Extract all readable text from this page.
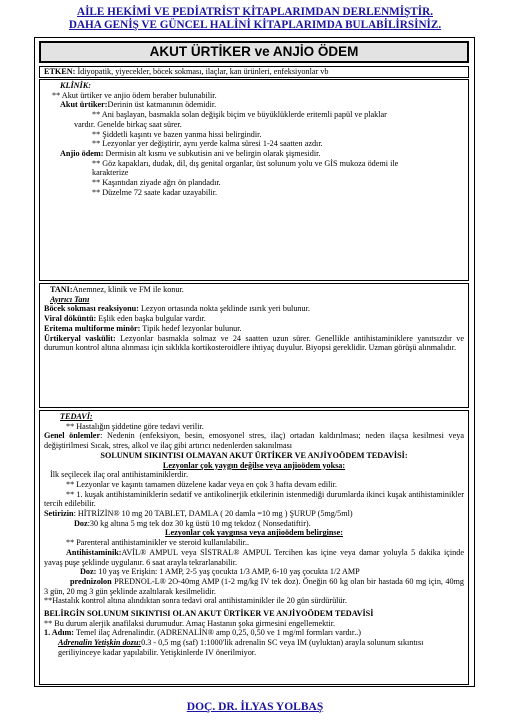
AİLE HEKİMİ VE PEDİATRİST KİTAPLARIMDAN DERLENMİŞTİR.
DAHA GENİŞ VE GÜNCEL HALİNİ KİTAPLARIMDA BULABİLİRSİNİZ.
AKUT ÜRTİKER ve ANJİO ÖDEM
ETKEN: İdiyopatik, yiyecekler, böcek sokması, ilaçlar, kan ürünleri, enfeksiyonlar vb

KLİNİK:

** Akut ürtiker ve anjio ödem beraber bulunabilir.

Akut ürtiker:Derinin üst katmanının ödemidir.

** Ani başlayan, basmakla solan değişik biçim ve büyüklüklerde eritemli papül ve plaklar

vardır. Genelde birkaç saat sürer.

** Şiddetli kaşıntı ve bazen yanma hissi belirgindir.

** Lezyonlar yer değiştirir, aynı yerde kalma süresi 1-24 saatten azdır.

Anjio ödem: Dermisin alt kısmı ve subkutisin ani ve belirgin olarak şişmesidir.

** Göz kapakları, dudak, dil, dış genital organlar, üst solunum yolu ve GİS mukoza ödemi ile

karakterize

** Kaşıntıdan ziyade ağrı ön plandadır.

** Düzelme 72 saate kadar uzayabilir.

TANI:Anemnez, klinik ve FM ile konur.

Ayırıcı Tanı

Böcek sokması reaksiyonu: Lezyon ortasında nokta şeklinde ısırık yeri bulunur.

Viral döküntü: Eşlik eden başka bulgular vardır.

Eritema multiforme minör: Tipik hedef lezyonlar bulunur.

Ürtikeryal vaskülit: Lezyonlar basmakla solmaz ve 24 saatten uzun sürer. Genellikle antihistaminiklere yanıtsızdır ve durumun kontrol altına alınması için sıklıkla kortikosteroidlere ihtiyaç duyulur. Biyopsi gereklidir. Uzman görüşü alınmalıdır.

TEDAVİ:

** Hastalığın şiddetine göre tedavi verilir.

Genel önlemler: Nedenin (enfeksiyon, besin, emosyonel stres, ilaç) ortadan kaldırılması; neden ilaçsa kesilmesi veya değiştirilmesi Sıcak, stres, alkol ve ilaç gibi artırıcı nedenlerden sakınılması

SOLUNUM SIKINTISI OLMAYAN AKUT ÜRTİKER VE ANJİYOÖDEM TEDAVİSİ:

Lezyonlar çok yaygın değilse veya anjioödem yoksa:

İlk seçilecek ilaç oral antihistaminiklerdir.

** Lezyonlar ve kaşıntı tamamen düzelene kadar veya en çok 3 hafta devam edilir.

** 1. kuşak antihistaminiklerin sedatif ve antikolinerjik etkilerinin istenmediği durumlarda ikinci kuşak antihistaminikler tercih edilebilir.

Setirizin: HİTRİZİN® 10 mg 20 TABLET, DAMLA ( 20 damla =10 mg ) ŞURUP (5mg/5ml)

Doz:30 kg altına 5 mg tek doz 30 kg üstü 10 mg tekdoz ( Nonsedatiftir).

Lezyonlar çok yaygınsa veya anjioödem belirginse:

** Parenteral antihistaminikler ve steroid kullanılabilir..

Antihistaminik:AVİL® AMPUL veya SİSTRAL® AMPUL Tercihen kas içine veya damar yoluyla 5 dakika içinde yavaş puşe şeklinde uygulanır. 6 saat arayla tekrarlanabilir.

Doz: 10 yaş ve Erişkin: 1 AMP, 2-5 yaş çocukta 1/3 AMP, 6-10 yaş çocukta 1/2 AMP

prednizolon PREDNOL-L® 2O-40mg AMP (1-2 mg/kg IV tek doz). Öneğin 60 kg olan bir hastada 60 mg için, 40mg 3 gün, 20 mg 3 gün şeklinde azaltılarak kesilmelidir.

**Hastalık kontrol altına alındıktan sonra tedavi oral antihistaminikler ile 20 gün sürdürülür.

BELİRGİN SOLUNUM SIKINTISI OLAN AKUT ÜRTİKER VE ANJİYOÖDEM TEDAVİSİ

** Bu durum alerjik anafilaksi durumudur. Amaç Hastanın şoka girmesini engellemektir.

1. Adım: Temel ilaç Adrenalindir. (ADRENALİN® amp 0,25, 0,50 ve 1 mg/ml formları vardır..)

Adrenalin Yetişkin dozu:0.3 - 0,5 mg (saf) 1:1000'lik adrenalin SC veya IM (uyluktan) arayla solunum sıkıntısı geriliyinceye kadar yapılabilir. Yetişkinlerde IV önerilmiyor.

DOÇ. DR. İLYAS YOLBAŞ
